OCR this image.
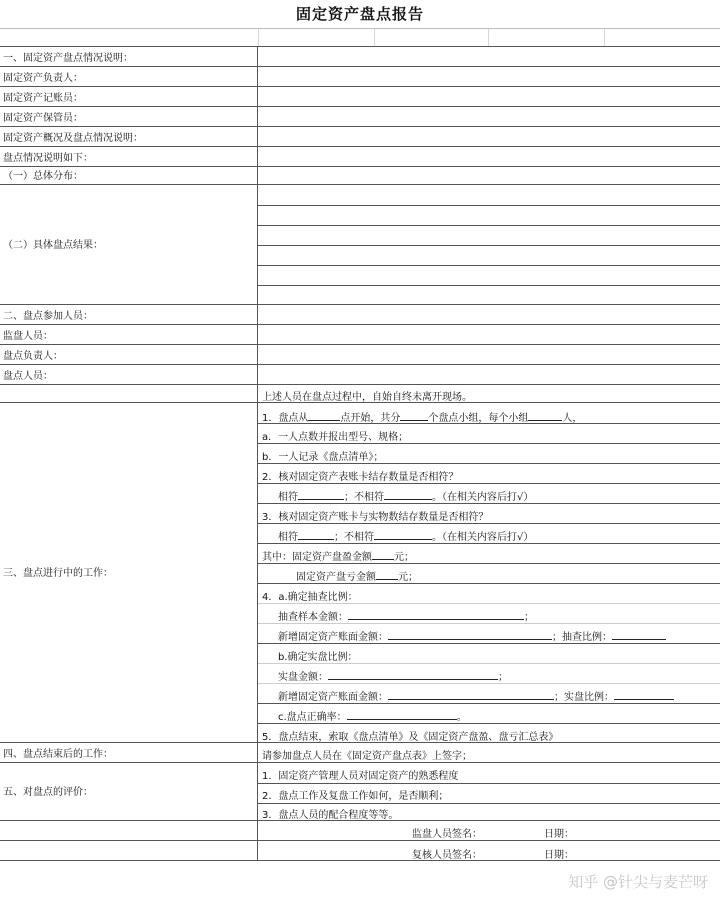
固定资产盘点报告
一、固定资产盘点情况说明：
固定资产负责人：
固定资产记账员：
固定资产保管员：
固定资产概况及盘点情况说明：
盘点情况说明如下：
（一）总体分布：
（二）具体盘点结果：
二、盘点参加人员：
监盘人员：
盘点负责人：
盘点人员：
上述人员在盘点过程中，自始自终未离开现场。
三、盘点进行中的工作：
1．盘点从	点开始，共分	个盘点小组，每个小组	人，
a．一人点数并报出型号、规格；
b．一人记录《盘点清单》；
2．核对固定资产表账卡结存数量是否相符？
相符	；不相符	。（在相关内容后打√）
3．核对固定资产账卡与实物数结存数量是否相符？
相符	；不相符	。（在相关内容后打√）
其中：固定资产盘盈金额 元；
固定资产盘亏金额 元；
4．a.确定抽查比例：
抽查样本金额：	；
新增固定资产账面金额：	；抽查比例：
b.确定实盘比例：
实盘金额：	；
新增固定资产账面金额：	；实盘比例：
c.盘点正确率：	。
5．盘点结束，索取《盘点清单》及《固定资产盘盈、盘亏汇总表》
四、盘点结束后的工作：	请参加盘点人员在《固定资产盘点表》上签字；
五、对盘点的评价：
1．固定资产管理人员对固定资产的熟悉程度
2．盘点工作及复盘工作如何，是否顺利；
3．盘点人员的配合程度等等。
监盘人员签名：	日期：
复核人员签名：	日期：
知乎 @针尖与麦芒呀
